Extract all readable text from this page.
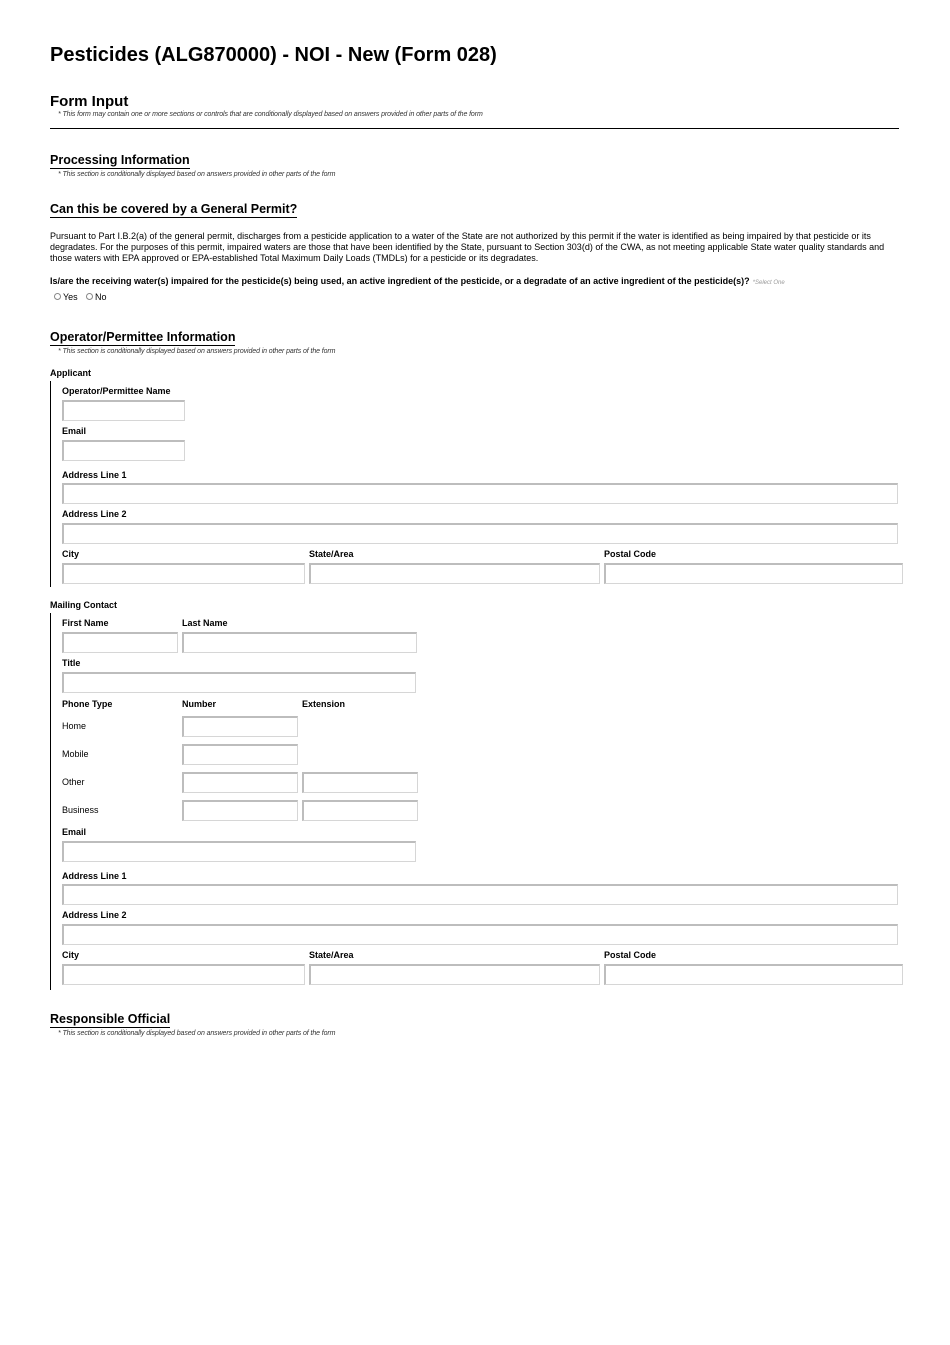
Pesticides (ALG870000) - NOI - New (Form 028)
Form Input
* This form may contain one or more sections or controls that are conditionally displayed based on answers provided in other parts of the form
Processing Information
* This section is conditionally displayed based on answers provided in other parts of the form
Can this be covered by a General Permit?
Pursuant to Part I.B.2(a) of the general permit, discharges from a pesticide application to a water of the State are not authorized by this permit if the water is identified as being impaired by that pesticide or its degradates. For the purposes of this permit, impaired waters are those that have been identified by the State, pursuant to Section 303(d) of the CWA, as not meeting applicable State water quality standards and those waters with EPA approved or EPA-established Total Maximum Daily Loads (TMDLs) for a pesticide or its degradates.
Is/are the receiving water(s) impaired for the pesticide(s) being used, an active ingredient of the pesticide, or a degradate of an active ingredient of the pesticide(s)? *Select One
Yes	No
Operator/Permittee Information
* This section is conditionally displayed based on answers provided in other parts of the form
Applicant
Operator/Permittee Name
Email
Address Line 1
Address Line 2
City	State/Area	Postal Code
Mailing Contact
First Name	Last Name
Title
Phone Type	Number	Extension
Home
Mobile
Other
Business
Email
Address Line 1
Address Line 2
City	State/Area	Postal Code
Responsible Official
* This section is conditionally displayed based on answers provided in other parts of the form
